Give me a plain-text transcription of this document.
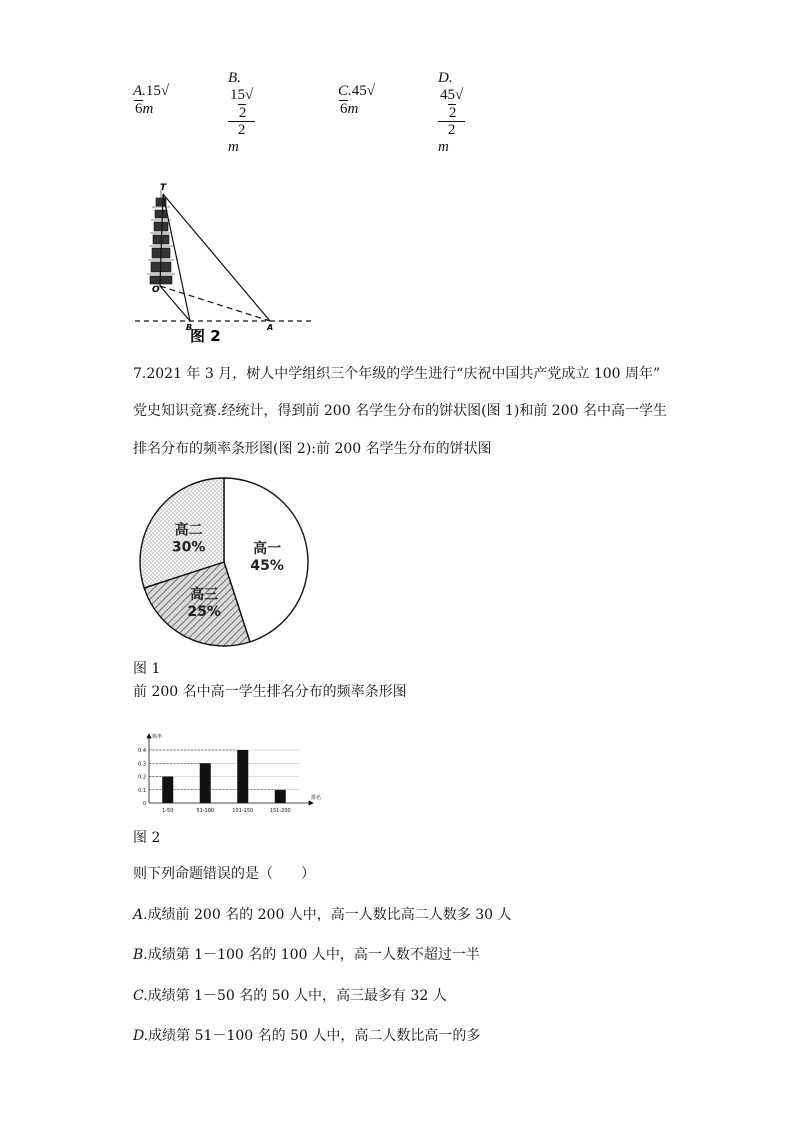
A.15√6m
B.
$\frac{15√2}{2}$
m
C.45√6m
D.
$\frac{45√2}{2}$
m
T
O
B	A
图 2
7.2021 年 3 月，树人中学组织三个年级的学生进行“庆祝中国共产党成立 100 周年”
党史知识竞赛.经统计，得到前 200 名学生分布的饼状图(图 1)和前 200 名中高一学生
排名分布的频率条形图(图 2):前 200 名学生分布的饼状图
高一
45%
高三
25%
高二
30%
图 1
前 200 名中高一学生排名分布的频率条形图
0
0.1
0.2
0.3
0.4
1-50	51-100	101-150	151-200
频率
排名
图 2
则下列命题错误的是（　　）
A.成绩前 200 名的 200 人中，高一人数比高二人数多 30 人
B.成绩第 1－100 名的 100 人中，高一人数不超过一半
C.成绩第 1－50 名的 50 人中，高三最多有 32 人
D.成绩第 51－100 名的 50 人中，高二人数比高一的多
